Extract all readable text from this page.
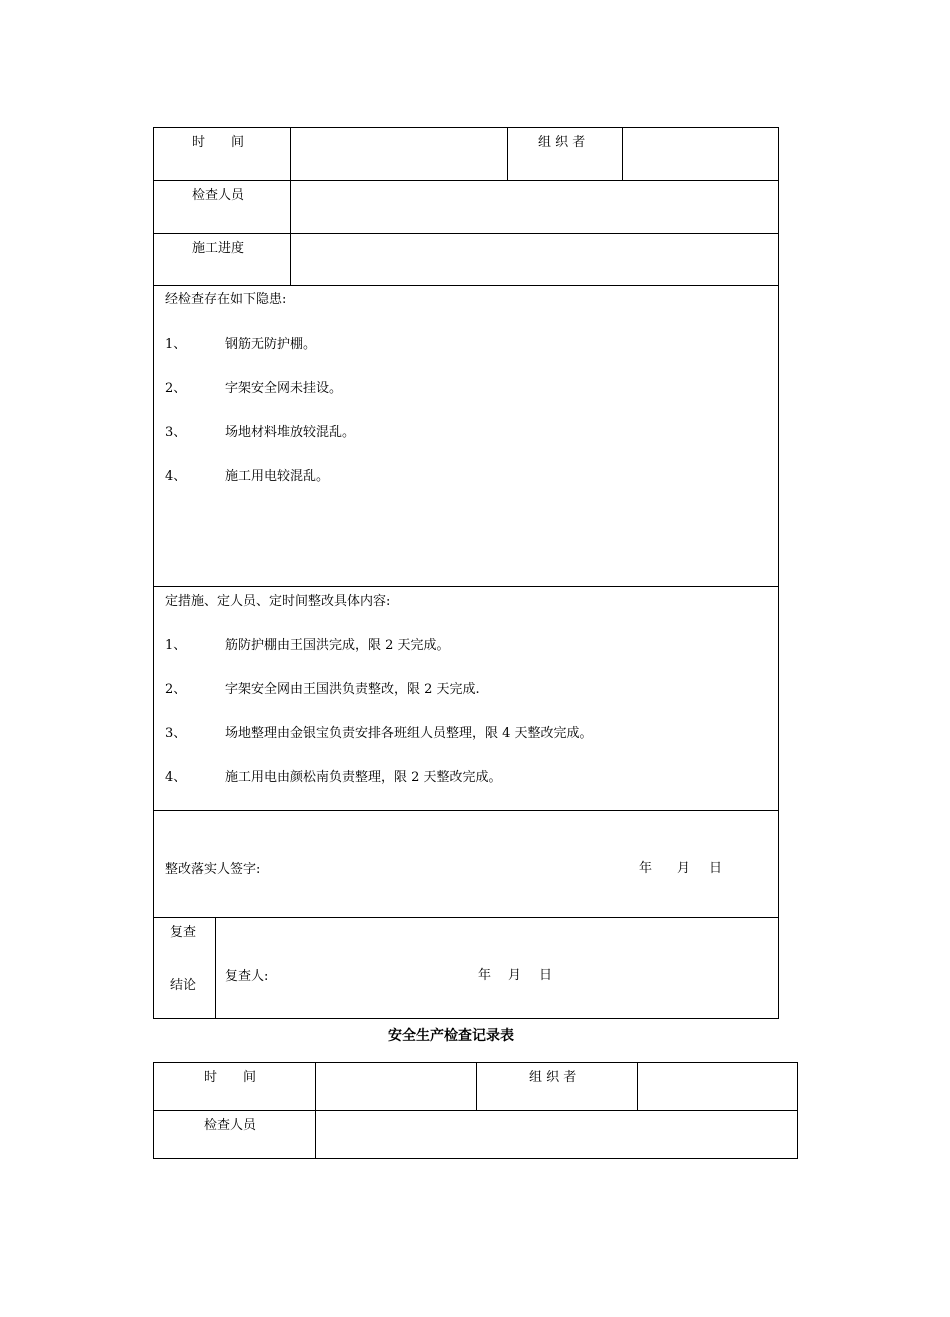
时　　间	组 织 者
检查人员
施工进度
经检查存在如下隐患:
1、	钢筋无防护棚。
2、	字架安全网未挂设。
3、	场地材料堆放较混乱。
4、	施工用电较混乱。
定措施、定人员、定时间整改具体内容:
1、	筋防护棚由王国洪完成，限 2 天完成。
2、	字架安全网由王国洪负责整改，限 2 天完成.
3、	场地整理由金银宝负责安排各班组人员整理，限 4 天整改完成。
4、	施工用电由颜松南负责整理，限 2 天整改完成。
整改落实人签字:	年 月 日
复查
结论
复查人:	年 月 日
安全生产检查记录表
时　　间	组 织 者
检查人员
